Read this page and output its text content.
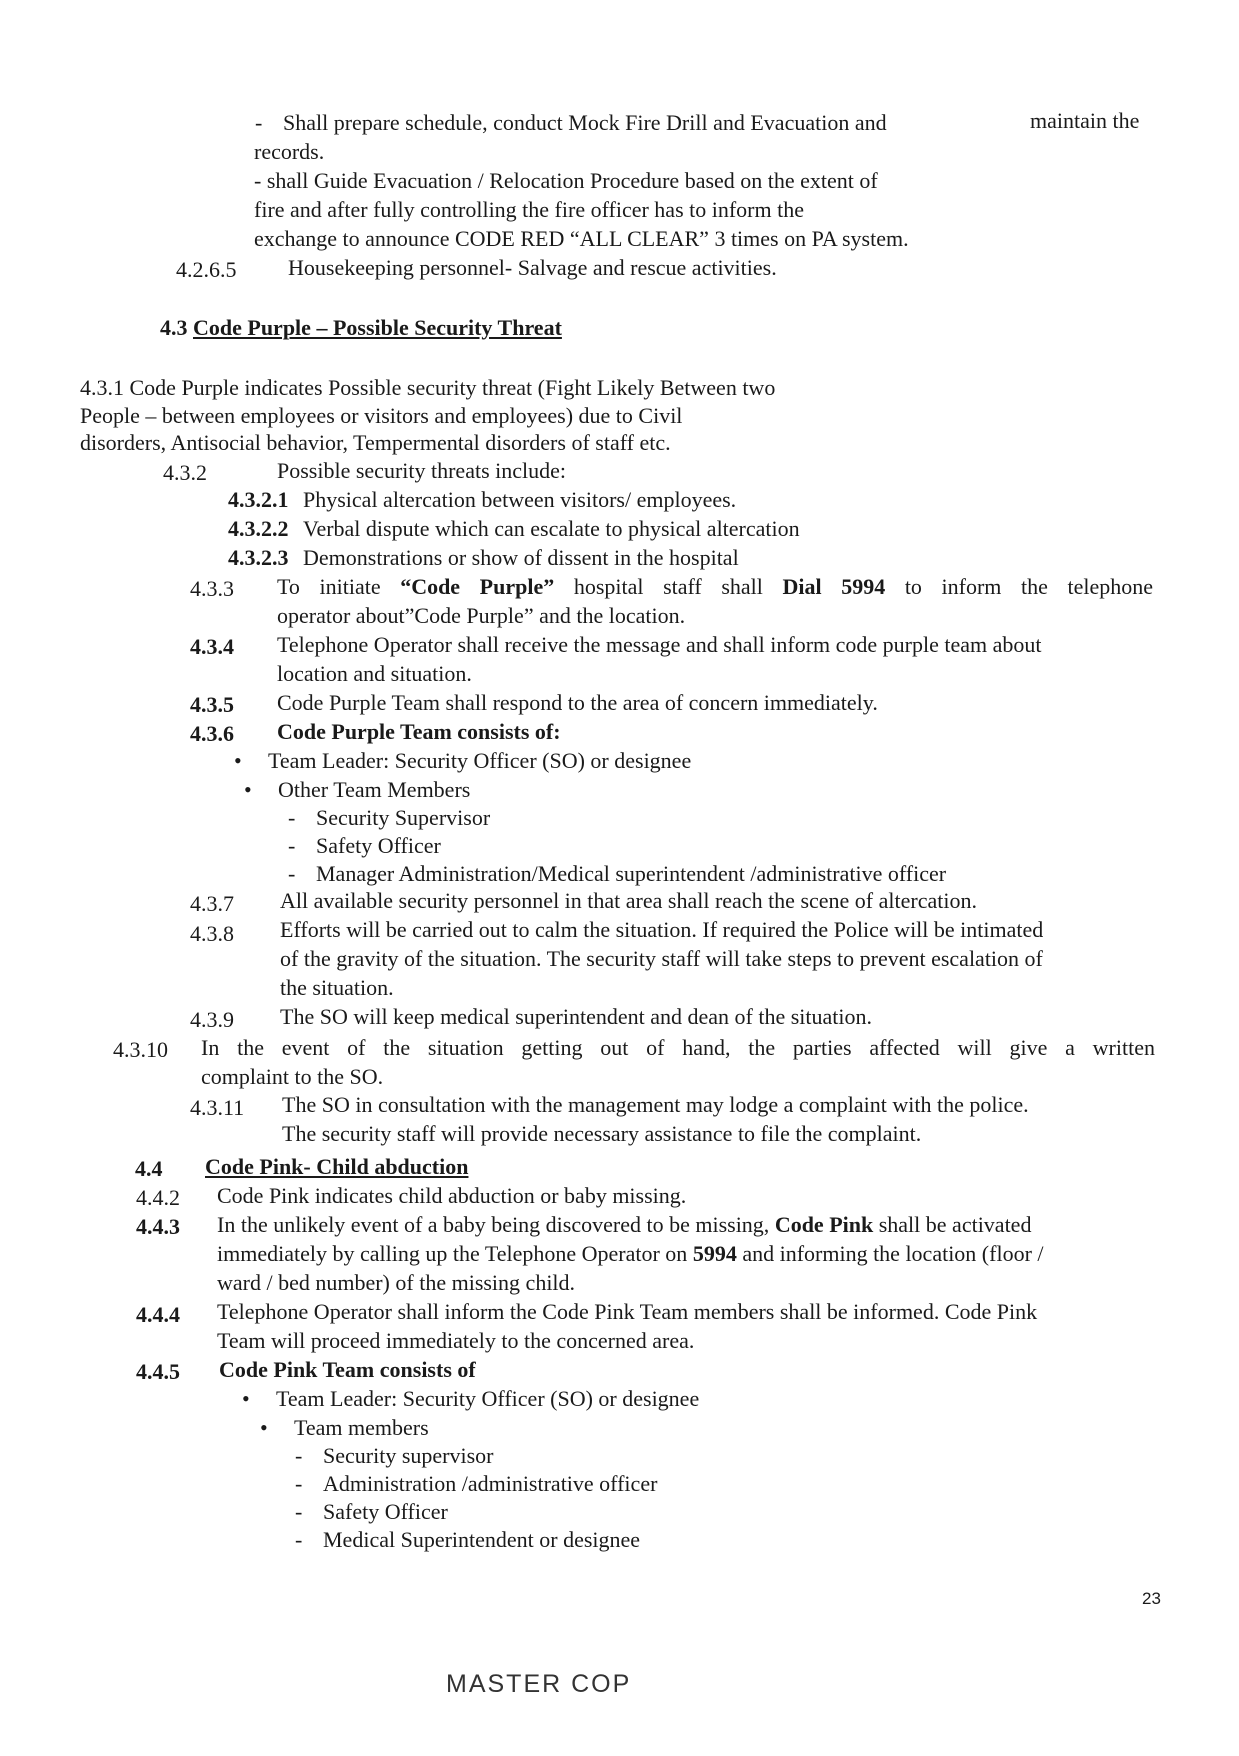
- Shall prepare schedule, conduct Mock Fire Drill and Evacuation and	maintain the
records.
- shall Guide Evacuation / Relocation Procedure based on the extent of
fire and after fully controlling the fire officer has to inform the
exchange to announce CODE RED “ALL CLEAR” 3 times on PA system.
4.2.6.5 Housekeeping personnel- Salvage and rescue activities.
4.3 Code Purple – Possible Security Threat
4.3.1 Code Purple indicates Possible security threat (Fight Likely Between two
People – between employees or visitors and employees) due to Civil
disorders, Antisocial behavior, Tempermental disorders of staff etc.
4.3.2	Possible security threats include:
4.3.2.1 Physical altercation between visitors/ employees.
4.3.2.2 Verbal dispute which can escalate to physical altercation
4.3.2.3 Demonstrations or show of dissent in the hospital
4.3.3 To initiate “Code Purple” hospital staff shall Dial 5994 to inform the telephone
operator about”Code Purple” and the location.
4.3.4 Telephone Operator shall receive the message and shall inform code purple team about
location and situation.
4.3.5 Code Purple Team shall respond to the area of concern immediately.
4.3.6 Code Purple Team consists of:
• Team Leader: Security Officer (SO) or designee
• Other Team Members
- Security Supervisor
- Safety Officer
- Manager Administration/Medical superintendent /administrative officer
4.3.7 All available security personnel in that area shall reach the scene of altercation.
4.3.8 Efforts will be carried out to calm the situation. If required the Police will be intimated
of the gravity of the situation. The security staff will take steps to prevent escalation of
the situation.
4.3.9 The SO will keep medical superintendent and dean of the situation.
4.3.10 In the event of the situation getting out of hand, the parties affected will give a written
complaint to the SO.
4.3.11 The SO in consultation with the management may lodge a complaint with the police.
The security staff will provide necessary assistance to file the complaint.
4.4 Code Pink- Child abduction
4.4.2 Code Pink indicates child abduction or baby missing.
4.4.3 In the unlikely event of a baby being discovered to be missing, Code Pink shall be activated
immediately by calling up the Telephone Operator on 5994 and informing the location (floor /
ward / bed number) of the missing child.
4.4.4 Telephone Operator shall inform the Code Pink Team members shall be informed. Code Pink
Team will proceed immediately to the concerned area.
4.4.5 Code Pink Team consists of
• Team Leader: Security Officer (SO) or designee
• Team members
- Security supervisor
- Administration /administrative officer
- Safety Officer
- Medical Superintendent or designee
23
MASTER COP
